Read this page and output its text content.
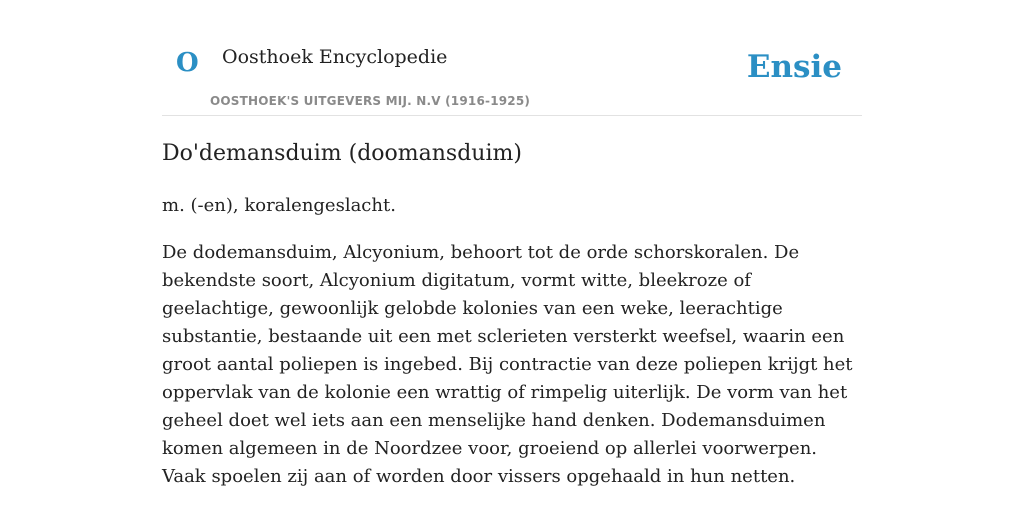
O Oosthoek Encyclopedie
OOSTHOEK'S UITGEVERS MIJ. N.V (1916-1925)
Ensie
Do'demansduim (doomansduim)

m. (-en), koralengeslacht.

De dodemansduim, Alcyonium, behoort tot de orde schorskoralen. De bekendste soort, Alcyonium digitatum, vormt witte, bleekroze of geelachtige, gewoonlijk gelobde kolonies van een weke, leerachtige substantie, bestaande uit een met sclerieten versterkt weefsel, waarin een groot aantal poliepen is ingebed. Bij contractie van deze poliepen krijgt het oppervlak van de kolonie een wrattig of rimpelig uiterlijk. De vorm van het geheel doet wel iets aan een menselijke hand denken. Dodemansduimen komen algemeen in de Noordzee voor, groeiend op allerlei voorwerpen. Vaak spoelen zij aan of worden door vissers opgehaald in hun netten.
